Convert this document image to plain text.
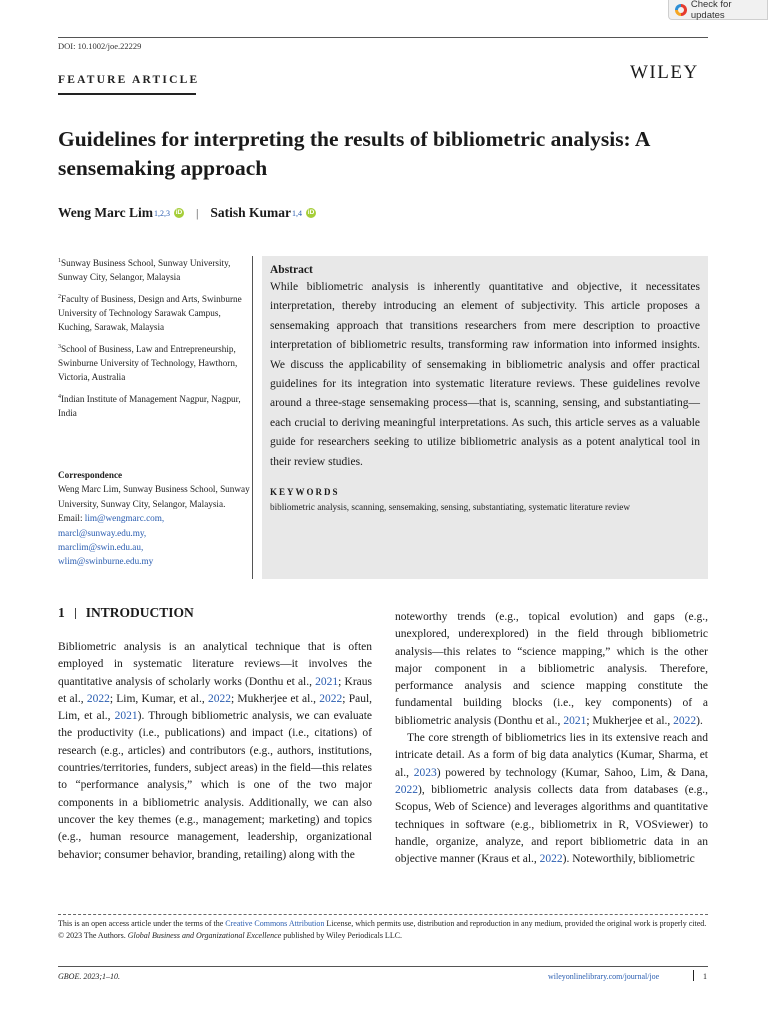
Check for updates
DOI: 10.1002/joe.22229
FEATURE ARTICLE	WILEY
Guidelines for interpreting the results of bibliometric analysis: A sensemaking approach
Weng Marc Lim 1,2,3 iD | Satish Kumar 1,4 iD
$^1$Sunway Business School, Sunway University, Sunway City, Selangor, Malaysia
$^2$Faculty of Business, Design and Arts, Swinburne University of Technology Sarawak Campus, Kuching, Sarawak, Malaysia
$^3$School of Business, Law and Entrepreneurship, Swinburne University of Technology, Hawthorn, Victoria, Australia
$^4$Indian Institute of Management Nagpur, Nagpur, India
Correspondence
Weng Marc Lim, Sunway Business School, Sunway University, Sunway City, Selangor, Malaysia.
Email: lim@wengmarc.com,
marcl@sunway.edu.my,
marclim@swin.edu.au,
wlim@swinburne.edu.my
Abstract

While bibliometric analysis is inherently quantitative and objective, it necessitates interpretation, thereby introducing an element of subjectivity. This article proposes a sensemaking approach that transitions researchers from mere description to proactive interpretation of bibliometric results, transforming raw information into informed insights. We discuss the applicability of sensemaking in bibliometric analysis and offer practical guidelines for its integration into systematic literature reviews. These guidelines revolve around a three-stage sensemaking process—that is, scanning, sensing, and substantiating—each crucial to deriving meaningful interpretations. As such, this article serves as a valuable guide for researchers seeking to utilize bibliometric analysis as a potent analytical tool in their review studies.

KEYWORDS
bibliometric analysis, scanning, sensemaking, sensing, substantiating, systematic literature review
1 INTRODUCTION

Bibliometric analysis is an analytical technique that is often employed in systematic literature reviews—it involves the quantitative analysis of scholarly works (Donthu et al., 2021; Kraus et al., 2022; Lim, Kumar, et al., 2022; Mukherjee et al., 2022; Paul, Lim, et al., 2021). Through bibliometric analysis, we can evaluate the productivity (i.e., publications) and impact (i.e., citations) of research (e.g., articles) and contributors (e.g., authors, institutions, countries/territories, funders, subject areas) in the field—this relates to “performance analysis,” which is one of the two major components in a bibliometric analysis. Additionally, we can also uncover the key themes (e.g., management; marketing) and topics (e.g., human resource management, leadership, organizational behavior; consumer behavior, branding, retailing) along with the

noteworthy trends (e.g., topical evolution) and gaps (e.g., unexplored, underexplored) in the field through bibliometric analysis—this relates to “science mapping,” which is the other major component in a bibliometric analysis. Therefore, performance analysis and science mapping constitute the fundamental building blocks (i.e., key components) of a bibliometric analysis (Donthu et al., 2021; Mukherjee et al., 2022).

The core strength of bibliometrics lies in its extensive reach and intricate detail. As a form of big data analytics (Kumar, Sharma, et al., 2023) powered by technology (Kumar, Sahoo, Lim, & Dana, 2022), bibliometric analysis collects data from databases (e.g., Scopus, Web of Science) and leverages algorithms and quantitative techniques in software (e.g., bibliometrix in R, VOSviewer) to handle, organize, analyze, and report bibliometric data in an objective manner (Kraus et al., 2022). Noteworthily, bibliometric

This is an open access article under the terms of the Creative Commons Attribution License, which permits use, distribution and reproduction in any medium, provided the original work is properly cited.
© 2023 The Authors. Global Business and Organizational Excellence published by Wiley Periodicals LLC.
GBOE. 2023;1–10.	wileyonlinelibrary.com/journal/joe	1
